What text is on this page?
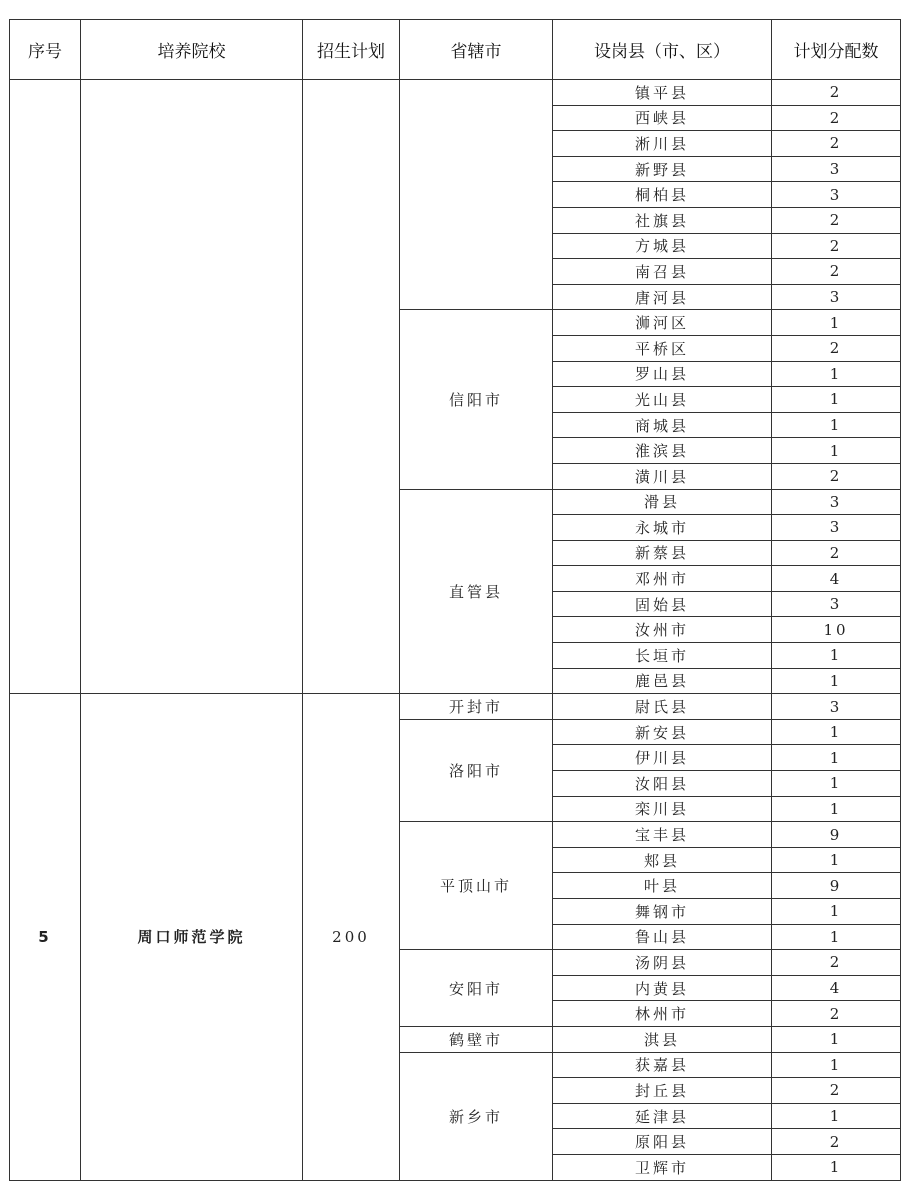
序号	培养院校	招生计划	省辖市	设岗县（市、区）	计划分配数
				镇平县	2
				西峡县	2
				淅川县	2
				新野县	3
				桐柏县	3
				社旗县	2
				方城县	2
				南召县	2
				唐河县	3
			信阳市	浉河区	1
				平桥区	2
				罗山县	1
				光山县	1
				商城县	1
				淮滨县	1
				潢川县	2
			直管县	滑县	3
				永城市	3
				新蔡县	2
				邓州市	4
				固始县	3
				汝州市	10
				长垣市	1
				鹿邑县	1
5	周口师范学院	200	开封市	尉氏县	3
			洛阳市	新安县	1
				伊川县	1
				汝阳县	1
				栾川县	1
			平顶山市	宝丰县	9
				郏县	1
				叶县	9
				舞钢市	1
				鲁山县	1
			安阳市	汤阴县	2
				内黄县	4
				林州市	2
			鹤壁市	淇县	1
			新乡市	获嘉县	1
				封丘县	2
				延津县	1
				原阳县	2
				卫辉市	1
